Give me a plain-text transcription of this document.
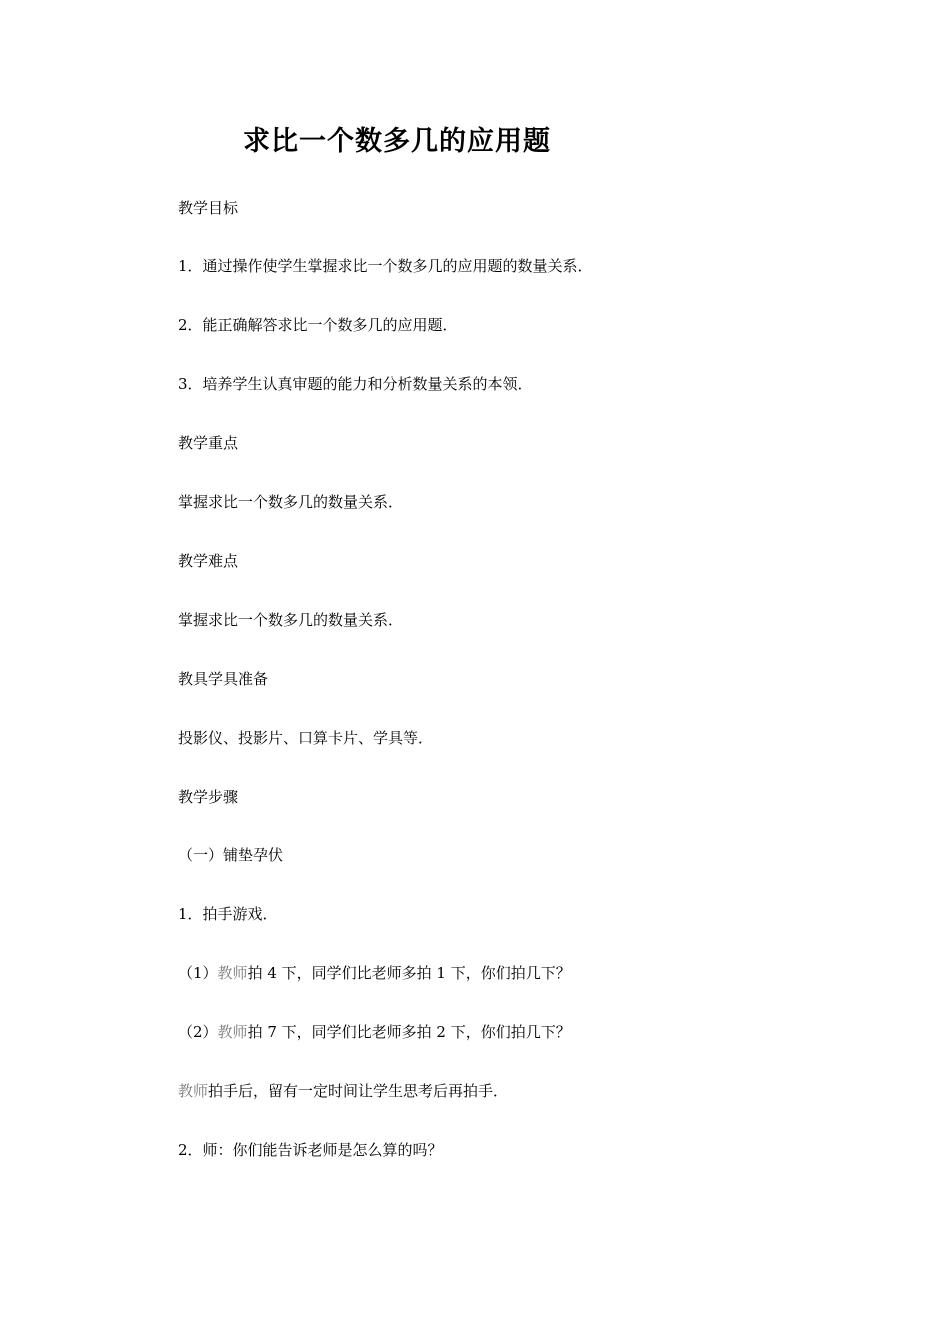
求比一个数多几的应用题
教学目标
1．通过操作使学生掌握求比一个数多几的应用题的数量关系．
2．能正确解答求比一个数多几的应用题．
3．培养学生认真审题的能力和分析数量关系的本领．
教学重点
掌握求比一个数多几的数量关系．
教学难点
掌握求比一个数多几的数量关系．
教具学具准备
投影仪、投影片、口算卡片、学具等．
教学步骤
（一）铺垫孕伏
1．拍手游戏．
（1）教师拍 4 下，同学们比老师多拍 1 下，你们拍几下？
（2）教师拍 7 下，同学们比老师多拍 2 下，你们拍几下？
教师拍手后，留有一定时间让学生思考后再拍手．
2．师：你们能告诉老师是怎么算的吗？
